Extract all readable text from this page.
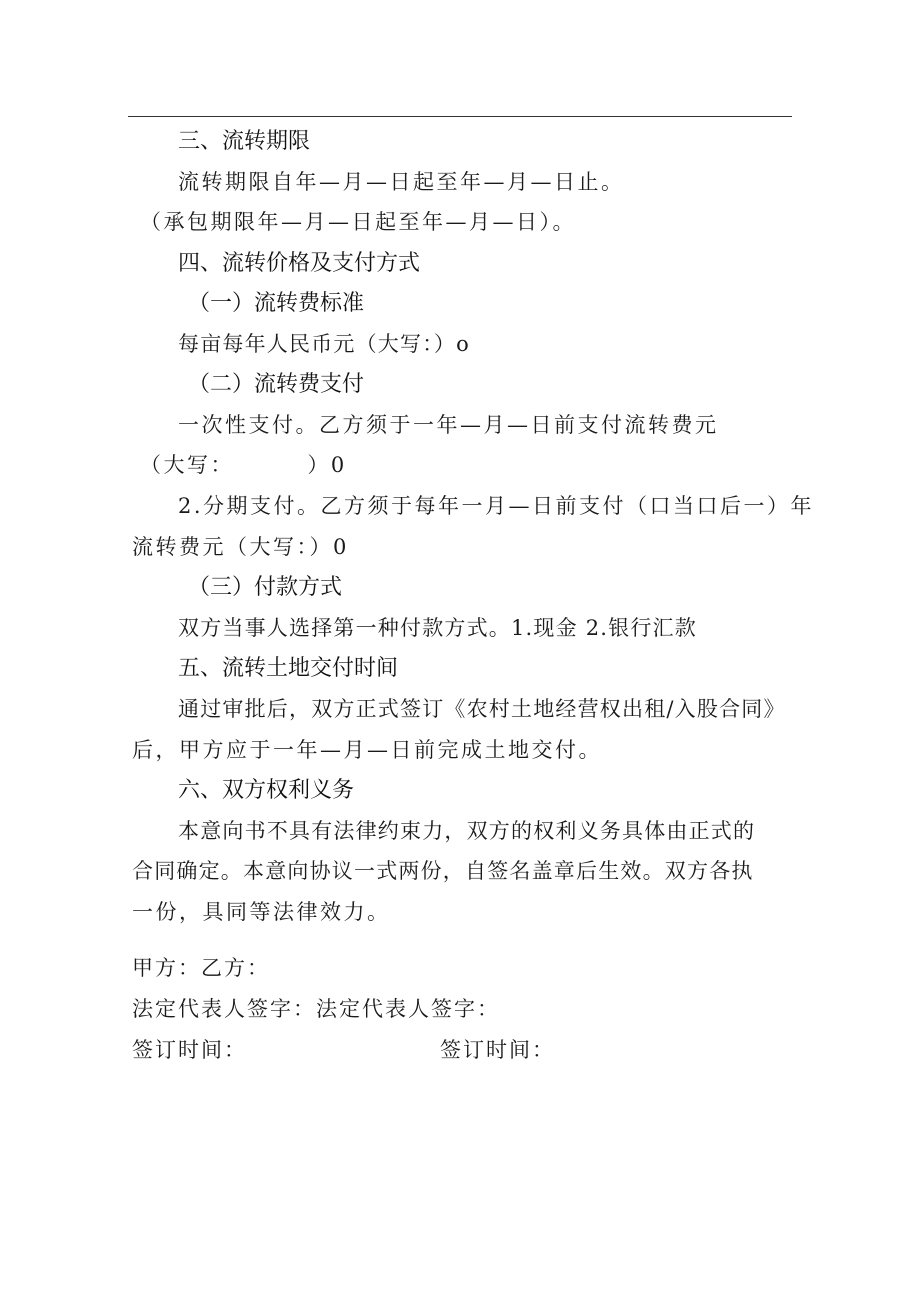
三、流转期限
流转期限自年—月—日起至年—月—日止。
（承包期限年—月—日起至年—月—日）。
四、流转价格及支付方式
（一）流转费标准
每亩每年人民币元（大写：）o
（二）流转费支付
一次性支付。乙方须于一年—月—日前支付流转费元
（大写：        ）0
2.分期支付。乙方须于每年一月—日前支付（口当口后一）年
流转费元（大写：）0
（三）付款方式
双方当事人选择第一种付款方式。1.现金 2.银行汇款
五、流转土地交付时间
通过审批后，双方正式签订《农村土地经营权出租/入股合同》
后，甲方应于一年—月—日前完成土地交付。
六、双方权利义务
本意向书不具有法律约束力，双方的权利义务具体由正式的
合同确定。本意向协议一式两份，自签名盖章后生效。双方各执
一份，具同等法律效力。
甲方：乙方：
法定代表人签字：法定代表人签字：
签订时间：	签订时间：
